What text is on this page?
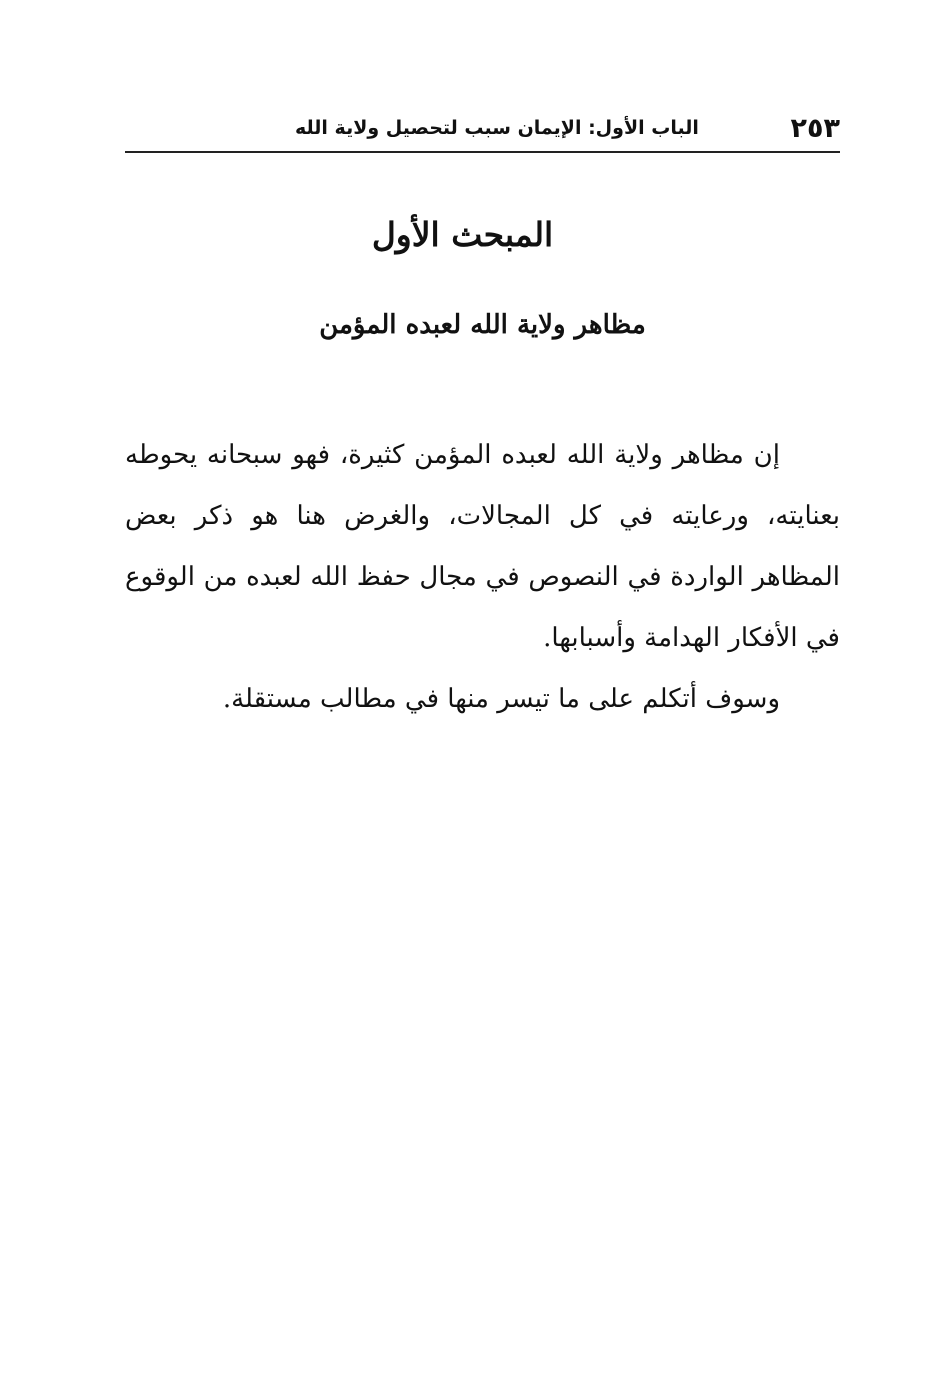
٢٥٣
الباب الأول: الإيمان سبب لتحصيل ولاية الله
المبحث الأول
مظاهر ولاية الله لعبده المؤمن

إن مظاهر ولاية الله لعبده المؤمن كثيرة، فهو سبحانه يحوطه بعنايته، ورعايته في كل المجالات، والغرض هنا هو ذكر بعض المظاهر الواردة في النصوص في مجال حفظ الله لعبده من الوقوع في الأفكار الهدامة وأسبابها.

وسوف أتكلم على ما تيسر منها في مطالب مستقلة.
